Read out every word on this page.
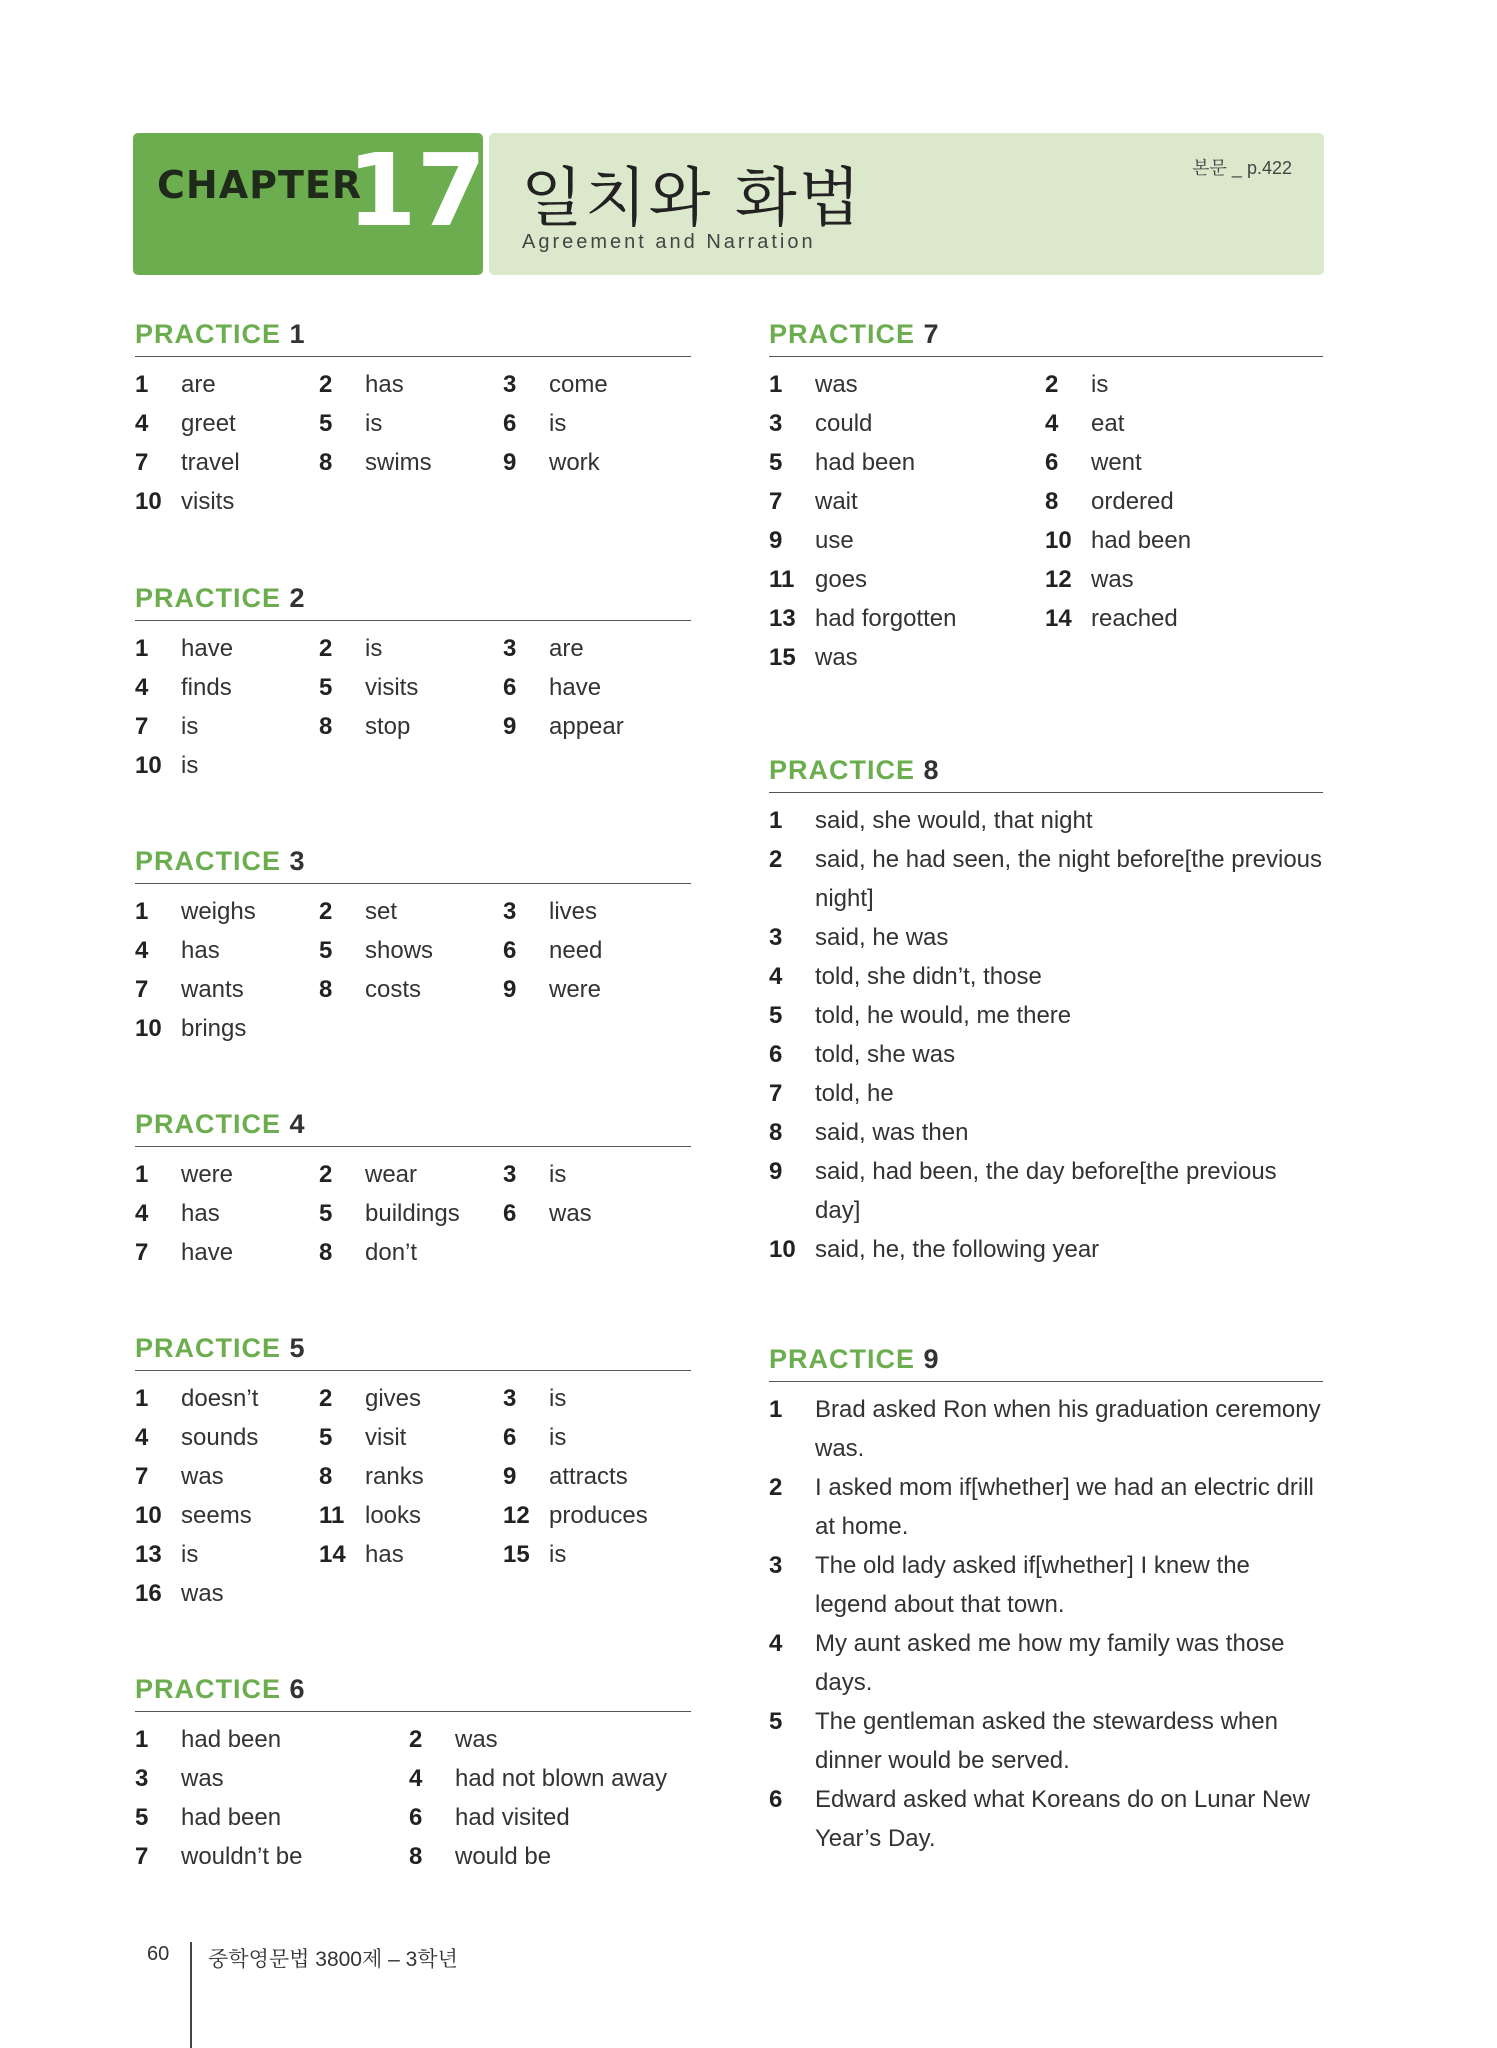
CHAPTER
17 일치와 화법
Agreement and Narration
본문 _ p.422
PRACTICE 1
1 are	2 has	3 come
4 greet	5 is	6 is
7 travel	8 swims	9 work
10 visits
PRACTICE 2
1 have	2 is	3 are
4 finds	5 visits	6 have
7 is	8 stop	9 appear
10 is
PRACTICE 3
1 weighs	2 set	3 lives
4 has	5 shows	6 need
7 wants	8 costs	9 were
10 brings
PRACTICE 4
1 were	2 wear	3 is
4 has	5 buildings 6 was
7 have	8 don’t
PRACTICE 5
1 doesn’t	2 gives	3 is
4 sounds	5 visit	6 is
7 was	8 ranks	9 attracts
10 seems	11 looks	12 produces
13 is	14 has	15 is
16 was
PRACTICE 6
1 had been	2 was
3 was	4 had not blown away
5 had been	6 had visited
7 wouldn’t be	8 would be
PRACTICE 7
1 was	2 is
3 could	4 eat
5 had been	6 went
7 wait	8 ordered
9 use	10 had been
11 goes	12 was
13 had forgotten	14 reached
15 was
PRACTICE 8
1	said, she would, that night
2	said, he had seen, the night before[the previous night]
3	said, he was
4	told, she didn’t, those
5	told, he would, me there
6	told, she was
7	told, he
8	said, was then
9	said, had been, the day before[the previous day]
10 said, he, the following year
PRACTICE 9
1	Brad asked Ron when his graduation ceremony was.
2	I asked mom if[whether] we had an electric drill at home.
3	The old lady asked if[whether] I knew the legend about that town.
4	My aunt asked me how my family was those days.
5	The gentleman asked the stewardess when dinner would be served.
6	Edward asked what Koreans do on Lunar New Year’s Day.
60 중학영문법 3800제 – 3학년
